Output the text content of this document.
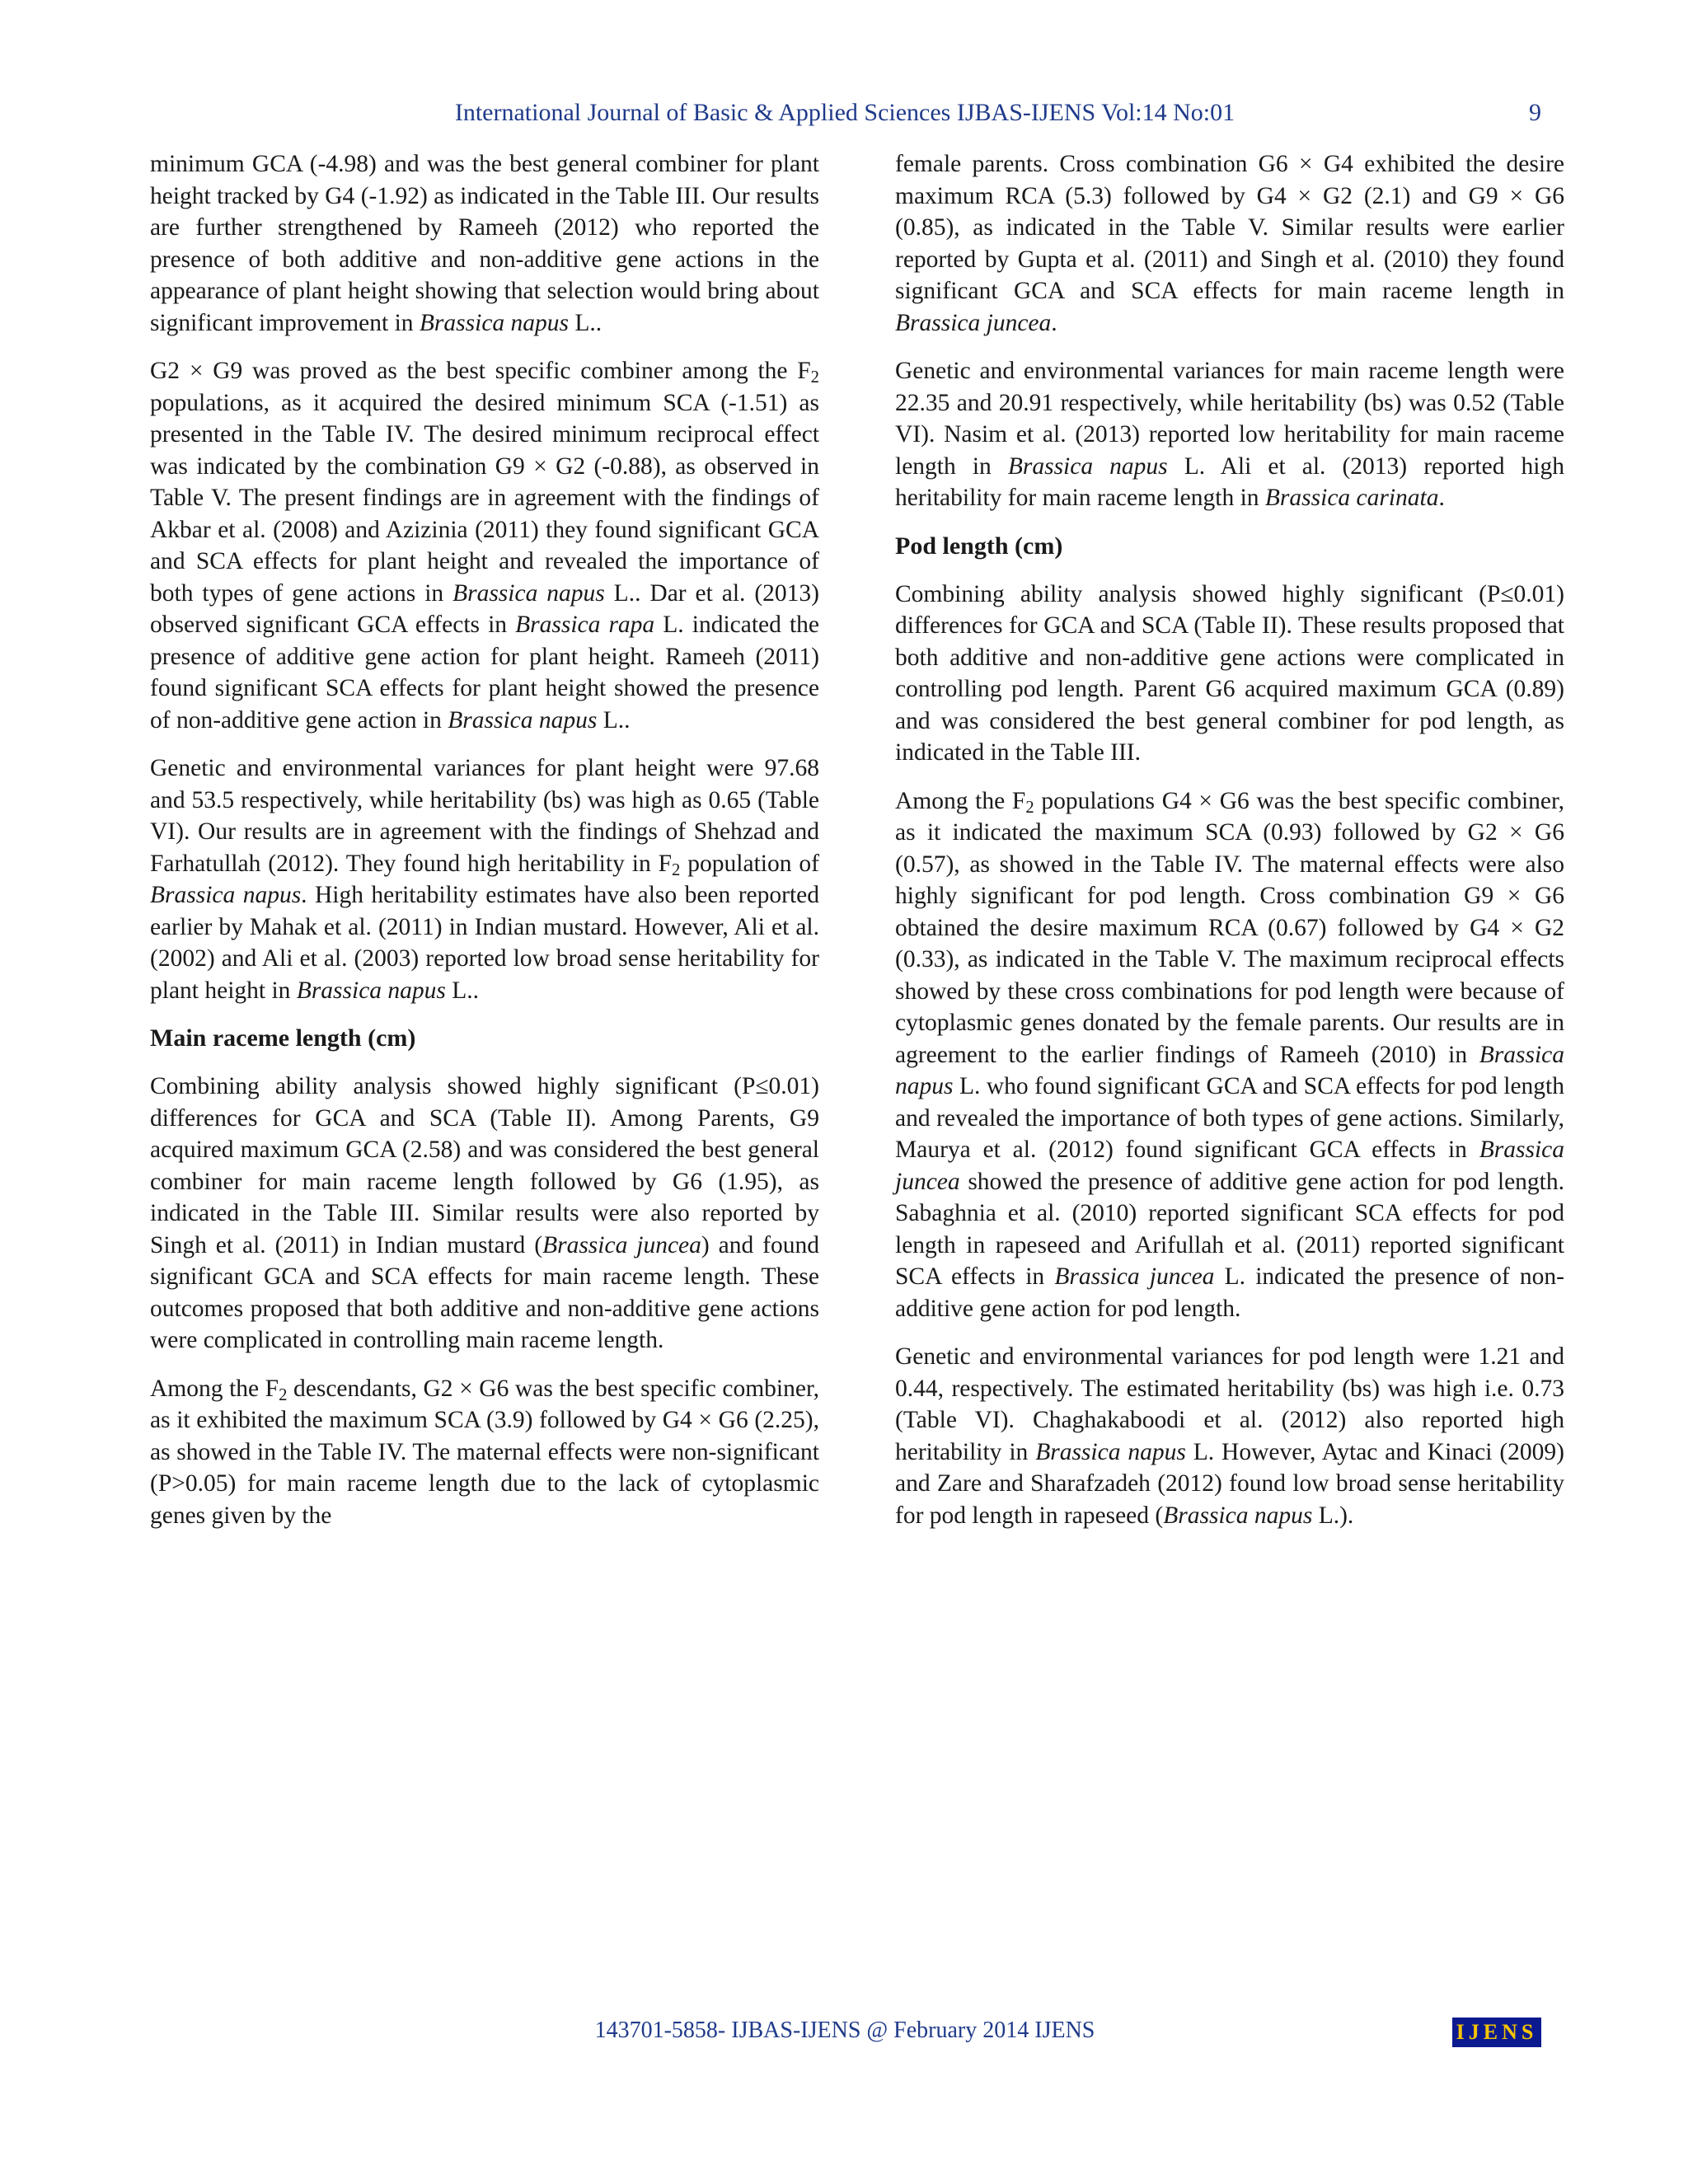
International Journal of Basic & Applied Sciences IJBAS-IJENS Vol:14 No:01	9

minimum GCA (-4.98) and was the best general combiner for plant height tracked by G4 (-1.92) as indicated in the Table III. Our results are further strengthened by Rameeh (2012) who reported the presence of both additive and non-additive gene actions in the appearance of plant height showing that selection would bring about significant improvement in Brassica napus L..

G2 × G9 was proved as the best specific combiner among the $F_2$ populations, as it acquired the desired minimum SCA (-1.51) as presented in the Table IV. The desired minimum reciprocal effect was indicated by the combination G9 × G2 (-0.88), as observed in Table V. The present findings are in agreement with the findings of Akbar et al. (2008) and Azizinia (2011) they found significant GCA and SCA effects for plant height and revealed the importance of both types of gene actions in Brassica napus L.. Dar et al. (2013) observed significant GCA effects in Brassica rapa L. indicated the presence of additive gene action for plant height. Rameeh (2011) found significant SCA effects for plant height showed the presence of non-additive gene action in Brassica napus L..

Genetic and environmental variances for plant height were 97.68 and 53.5 respectively, while heritability (bs) was high as 0.65 (Table VI). Our results are in agreement with the findings of Shehzad and Farhatullah (2012). They found high heritability in $F_2$ population of Brassica napus. High heritability estimates have also been reported earlier by Mahak et al. (2011) in Indian mustard. However, Ali et al. (2002) and Ali et al. (2003) reported low broad sense heritability for plant height in Brassica napus L..

Main raceme length (cm)

Combining ability analysis showed highly significant (P≤0.01) differences for GCA and SCA (Table II). Among Parents, G9 acquired maximum GCA (2.58) and was considered the best general combiner for main raceme length followed by G6 (1.95), as indicated in the Table III. Similar results were also reported by Singh et al. (2011) in Indian mustard (Brassica juncea) and found significant GCA and SCA effects for main raceme length. These outcomes proposed that both additive and non-additive gene actions were complicated in controlling main raceme length.

Among the $F_2$ descendants, G2 × G6 was the best specific combiner, as it exhibited the maximum SCA (3.9) followed by G4 × G6 (2.25), as showed in the Table IV. The maternal effects were non-significant (P>0.05) for main raceme length due to the lack of cytoplasmic genes given by the

female parents. Cross combination G6 × G4 exhibited the desire maximum RCA (5.3) followed by G4 × G2 (2.1) and G9 × G6 (0.85), as indicated in the Table V. Similar results were earlier reported by Gupta et al. (2011) and Singh et al. (2010) they found significant GCA and SCA effects for main raceme length in Brassica juncea.

Genetic and environmental variances for main raceme length were 22.35 and 20.91 respectively, while heritability (bs) was 0.52 (Table VI). Nasim et al. (2013) reported low heritability for main raceme length in Brassica napus L. Ali et al. (2013) reported high heritability for main raceme length in Brassica carinata.

Pod length (cm)

Combining ability analysis showed highly significant (P≤0.01) differences for GCA and SCA (Table II). These results proposed that both additive and non-additive gene actions were complicated in controlling pod length. Parent G6 acquired maximum GCA (0.89) and was considered the best general combiner for pod length, as indicated in the Table III.

Among the $F_2$ populations G4 × G6 was the best specific combiner, as it indicated the maximum SCA (0.93) followed by G2 × G6 (0.57), as showed in the Table IV. The maternal effects were also highly significant for pod length. Cross combination G9 × G6 obtained the desire maximum RCA (0.67) followed by G4 × G2 (0.33), as indicated in the Table V. The maximum reciprocal effects showed by these cross combinations for pod length were because of cytoplasmic genes donated by the female parents. Our results are in agreement to the earlier findings of Rameeh (2010) in Brassica napus L. who found significant GCA and SCA effects for pod length and revealed the importance of both types of gene actions. Similarly, Maurya et al. (2012) found significant GCA effects in Brassica juncea showed the presence of additive gene action for pod length. Sabaghnia et al. (2010) reported significant SCA effects for pod length in rapeseed and Arifullah et al. (2011) reported significant SCA effects in Brassica juncea L. indicated the presence of non-additive gene action for pod length.

Genetic and environmental variances for pod length were 1.21 and 0.44, respectively. The estimated heritability (bs) was high i.e. 0.73 (Table VI). Chaghakaboodi et al. (2012) also reported high heritability in Brassica napus L. However, Aytac and Kinaci (2009) and Zare and Sharafzadeh (2012) found low broad sense heritability for pod length in rapeseed (Brassica napus L.).

143701-5858- IJBAS-IJENS @ February 2014 IJENS	IJENS
